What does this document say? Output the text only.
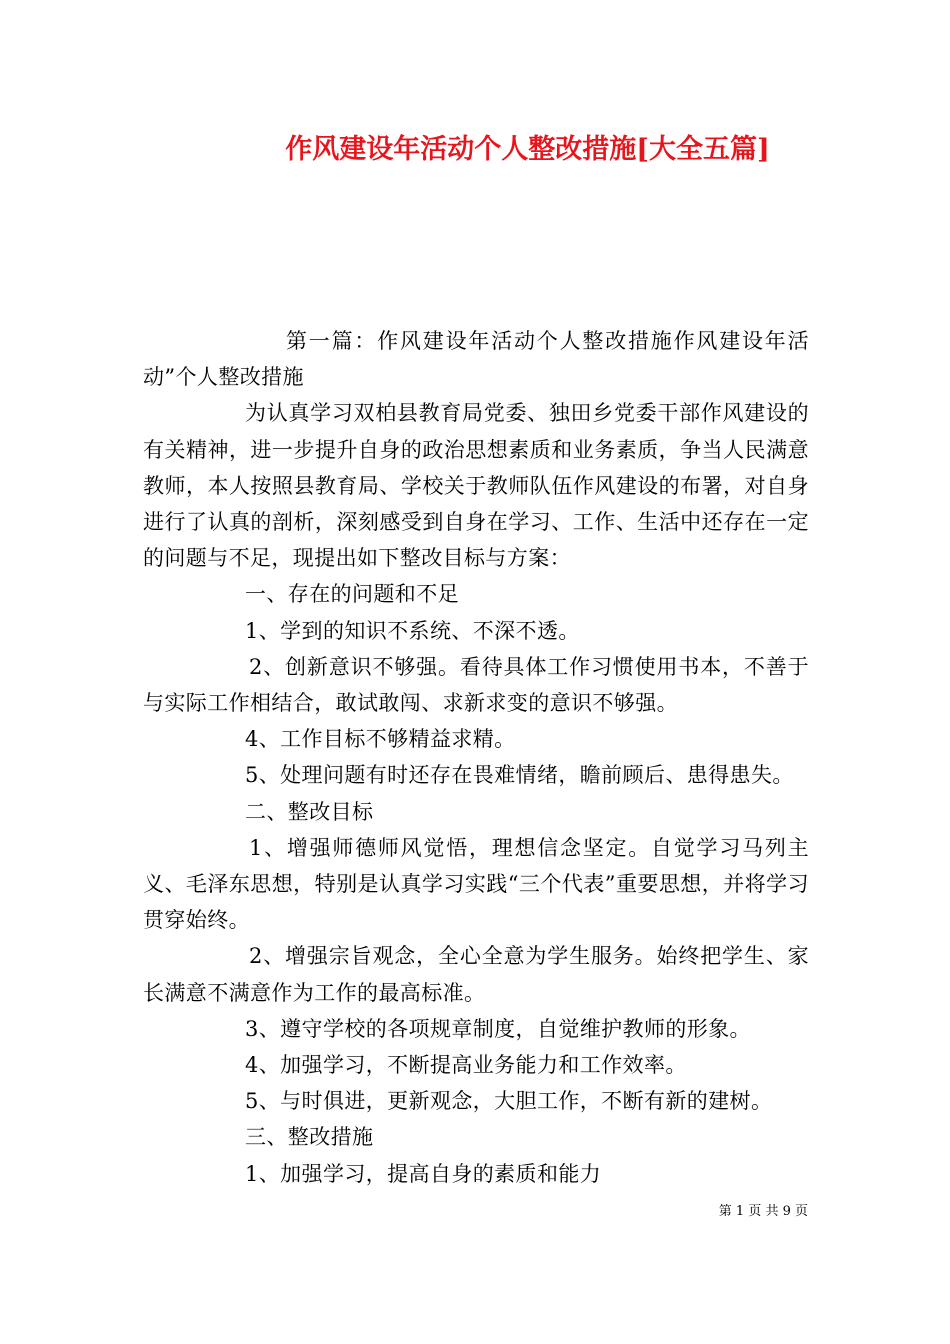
作风建设年活动个人整改措施[大全五篇]

第一篇：作风建设年活动个人整改措施作风建设年活动”个人整改措施

为认真学习双柏县教育局党委、独田乡党委干部作风建设的有关精神，进一步提升自身的政治思想素质和业务素质，争当人民满意教师，本人按照县教育局、学校关于教师队伍作风建设的布署，对自身进行了认真的剖析，深刻感受到自身在学习、工作、生活中还存在一定的问题与不足，现提出如下整改目标与方案：

一、存在的问题和不足

1、学到的知识不系统、不深不透。

2、创新意识不够强。看待具体工作习惯使用书本，不善于与实际工作相结合，敢试敢闯、求新求变的意识不够强。

4、工作目标不够精益求精。

5、处理问题有时还存在畏难情绪，瞻前顾后、患得患失。

二、整改目标

1、增强师德师风觉悟，理想信念坚定。自觉学习马列主义、毛泽东思想，特别是认真学习实践“三个代表”重要思想，并将学习贯穿始终。

2、增强宗旨观念，全心全意为学生服务。始终把学生、家长满意不满意作为工作的最高标准。

3、遵守学校的各项规章制度，自觉维护教师的形象。

4、加强学习，不断提高业务能力和工作效率。

5、与时俱进，更新观念，大胆工作，不断有新的建树。

三、整改措施

1、加强学习，提高自身的素质和能力

第 1 页 共 9 页
